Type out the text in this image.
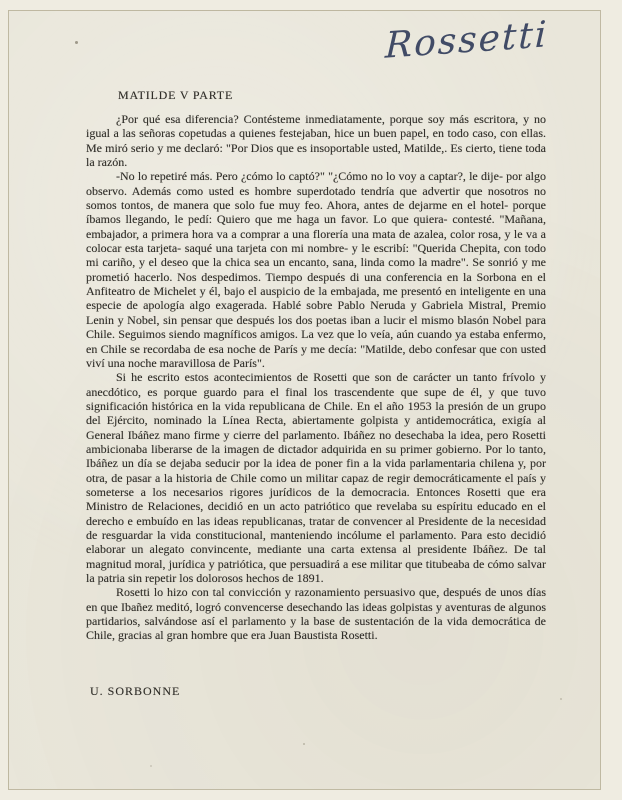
Rossetti
MATILDE V PARTE

¿Por qué esa diferencia? Contésteme inmediatamente, porque soy más escritora, y no igual a las señoras copetudas a quienes festejaban, hice un buen papel, en todo caso, con ellas. Me miró serio y me declaró: "Por Dios que es insoportable usted, Matilde,. Es cierto, tiene toda la razón.

-No lo repetiré más. Pero ¿cómo lo captó?" "¿Cómo no lo voy a captar?, le dije- por algo observo. Además como usted es hombre superdotado tendría que advertir que nosotros no somos tontos, de manera que solo fue muy feo. Ahora, antes de dejarme en el hotel- porque íbamos llegando, le pedí: Quiero que me haga un favor. Lo que quiera- contesté. "Mañana, embajador, a primera hora va a comprar a una florería una mata de azalea, color rosa, y le va a colocar esta tarjeta- saqué una tarjeta con mi nombre- y le escribí: "Querida Chepita, con todo mi cariño, y el deseo que la chica sea un encanto, sana, linda como la madre". Se sonrió y me prometió hacerlo. Nos despedimos. Tiempo después di una conferencia en la Sorbona en el Anfiteatro de Michelet y él, bajo el auspicio de la embajada, me presentó en inteligente en una especie de apología algo exagerada. Hablé sobre Pablo Neruda y Gabriela Mistral, Premio Lenin y Nobel, sin pensar que después los dos poetas iban a lucir el mismo blasón Nobel para Chile. Seguimos siendo magníficos amigos. La vez que lo veía, aún cuando ya estaba enfermo, en Chile se recordaba de esa noche de París y me decía: "Matilde, debo confesar que con usted viví una noche maravillosa de París".

Si he escrito estos acontecimientos de Rosetti que son de carácter un tanto frívolo y anecdótico, es porque guardo para el final los trascendente que supe de él, y que tuvo significación histórica en la vida republicana de Chile. En el año 1953 la presión de un grupo del Ejército, nominado la Línea Recta, abiertamente golpista y antidemocrática, exigía al General Ibáñez mano firme y cierre del parlamento. Ibáñez no desechaba la idea, pero Rosetti ambicionaba liberarse de la imagen de dictador adquirida en su primer gobierno. Por lo tanto, Ibáñez un día se dejaba seducir por la idea de poner fin a la vida parlamentaria chilena y, por otra, de pasar a la historia de Chile como un militar capaz de regir democráticamente el país y someterse a los necesarios rigores jurídicos de la democracia. Entonces Rosetti que era Ministro de Relaciones, decidió en un acto patriótico que revelaba su espíritu educado en el derecho e embuído en las ideas republicanas, tratar de convencer al Presidente de la necesidad de resguardar la vida constitucional, manteniendo incólume el parlamento. Para esto decidió elaborar un alegato convincente, mediante una carta extensa al presidente Ibáñez. De tal magnitud moral, jurídica y patriótica, que persuadirá a ese militar que titubeaba de cómo salvar la patria sin repetir los dolorosos hechos de 1891.

Rosetti lo hizo con tal convicción y razonamiento persuasivo que, después de unos días en que Ibañez meditó, logró convencerse desechando las ideas golpistas y aventuras de algunos partidarios, salvándose así el parlamento y la base de sustentación de la vida democrática de Chile, gracias al gran hombre que era Juan Baustista Rosetti.

U. SORBONNE
